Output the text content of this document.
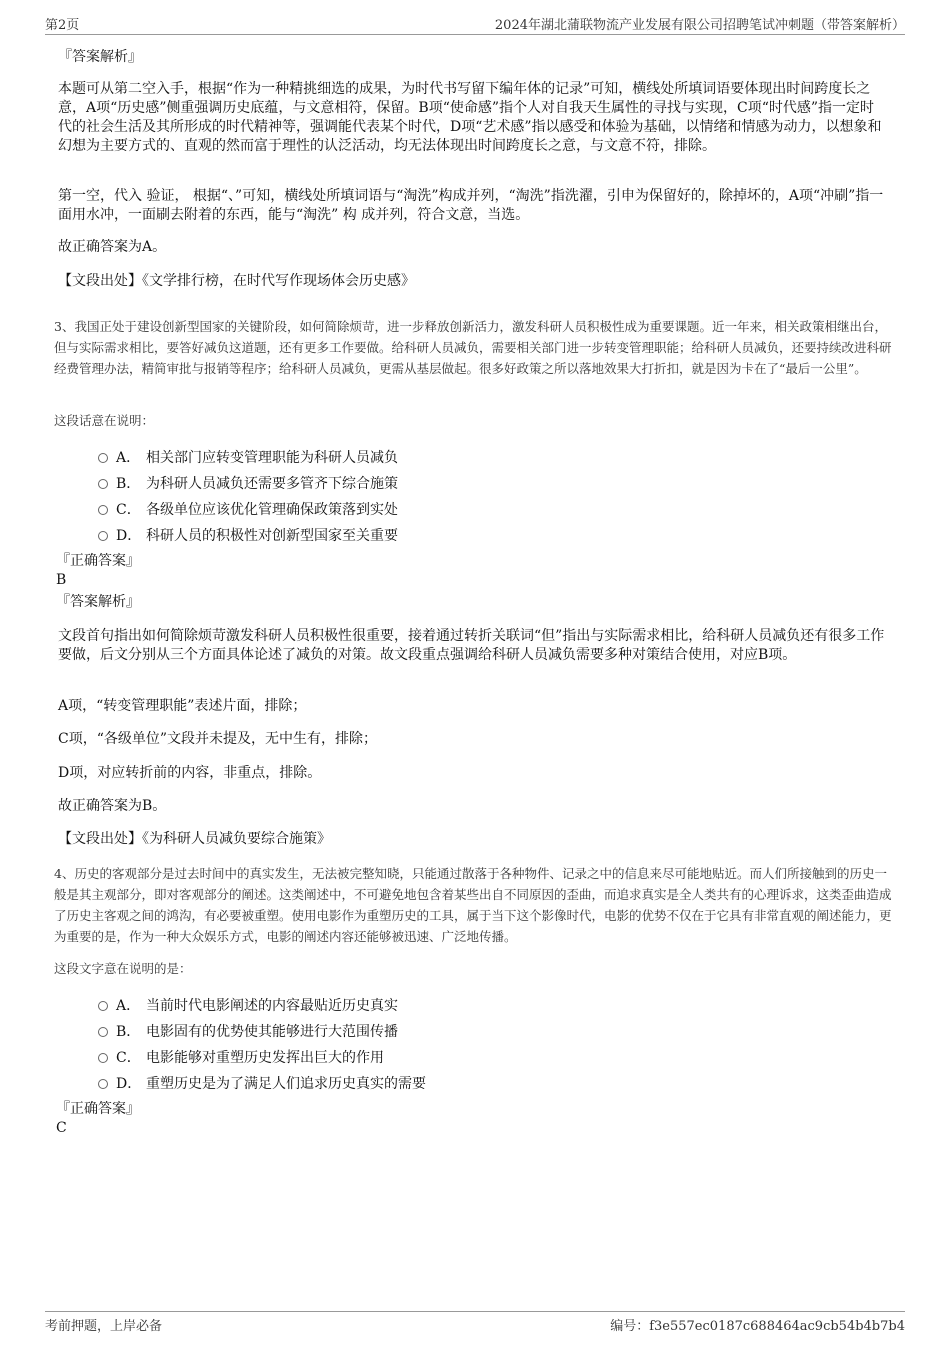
第2页	2024年湖北蒲联物流产业发展有限公司招聘笔试冲刺题（带答案解析）

『答案解析』

本题可从第二空入手，根据“作为一种精挑细选的成果，为时代书写留下编年体的记录”可知，横线处所填词语要体现出时间跨度长之意，A项“历史感”侧重强调历史底蕴，与文意相符，保留。B项“使命感”指个人对自我天生属性的寻找与实现，C项“时代感”指一定时代的社会生活及其所形成的时代精神等，强调能代表某个时代，D项“艺术感”指以感受和体验为基础，以情绪和情感为动力，以想象和幻想为主要方式的、直观的然而富于理性的认泛活动，均无法体现出时间跨度长之意，与文意不符，排除。

第一空，代入 验证， 根据“、”可知，横线处所填词语与“淘洗”构成并列，“淘洗”指洗濯，引申为保留好的，除掉坏的，A项“冲刷”指一面用水冲，一面刷去附着的东西，能与“淘洗” 构 成并列，符合文意，当选。

故正确答案为A。

【文段出处】《文学排行榜，在时代写作现场体会历史感》

3、我国正处于建设创新型国家的关键阶段，如何简除烦苛，进一步释放创新活力，激发科研人员积极性成为重要课题。近一年来，相关政策相继出台，但与实际需求相比，要答好减负这道题，还有更多工作要做。给科研人员减负，需要相关部门进一步转变管理职能；给科研人员减负，还要持续改进科研经费管理办法，精简审批与报销等程序；给科研人员减负，更需从基层做起。很多好政策之所以落地效果大打折扣，就是因为卡在了“最后一公里”。

这段话意在说明：

A． 相关部门应转变管理职能为科研人员减负
B． 为科研人员减负还需要多管齐下综合施策
C． 各级单位应该优化管理确保政策落到实处
D． 科研人员的积极性对创新型国家至关重要

『正确答案』

B

『答案解析』

文段首句指出如何简除烦苛激发科研人员积极性很重要，接着通过转折关联词“但”指出与实际需求相比，给科研人员减负还有很多工作要做，后文分别从三个方面具体论述了减负的对策。故文段重点强调给科研人员减负需要多种对策结合使用，对应B项。

A项，“转变管理职能”表述片面，排除；

C项，“各级单位”文段并未提及，无中生有，排除；

D项，对应转折前的内容，非重点，排除。

故正确答案为B。

【文段出处】《为科研人员减负要综合施策》

4、历史的客观部分是过去时间中的真实发生，无法被完整知晓，只能通过散落于各种物件、记录之中的信息来尽可能地贴近。而人们所接触到的历史一般是其主观部分，即对客观部分的阐述。这类阐述中，不可避免地包含着某些出自不同原因的歪曲，而追求真实是全人类共有的心理诉求，这类歪曲造成了历史主客观之间的鸿沟，有必要被重塑。使用电影作为重塑历史的工具，属于当下这个影像时代，电影的优势不仅在于它具有非常直观的阐述能力，更为重要的是，作为一种大众娱乐方式，电影的阐述内容还能够被迅速、广泛地传播。

这段文字意在说明的是：

A． 当前时代电影阐述的内容最贴近历史真实
B． 电影固有的优势使其能够进行大范围传播
C． 电影能够对重塑历史发挥出巨大的作用
D． 重塑历史是为了满足人们追求历史真实的需要

『正确答案』

C

考前押题，上岸必备	编号：f3e557ec0187c688464ac9cb54b4b7b4
